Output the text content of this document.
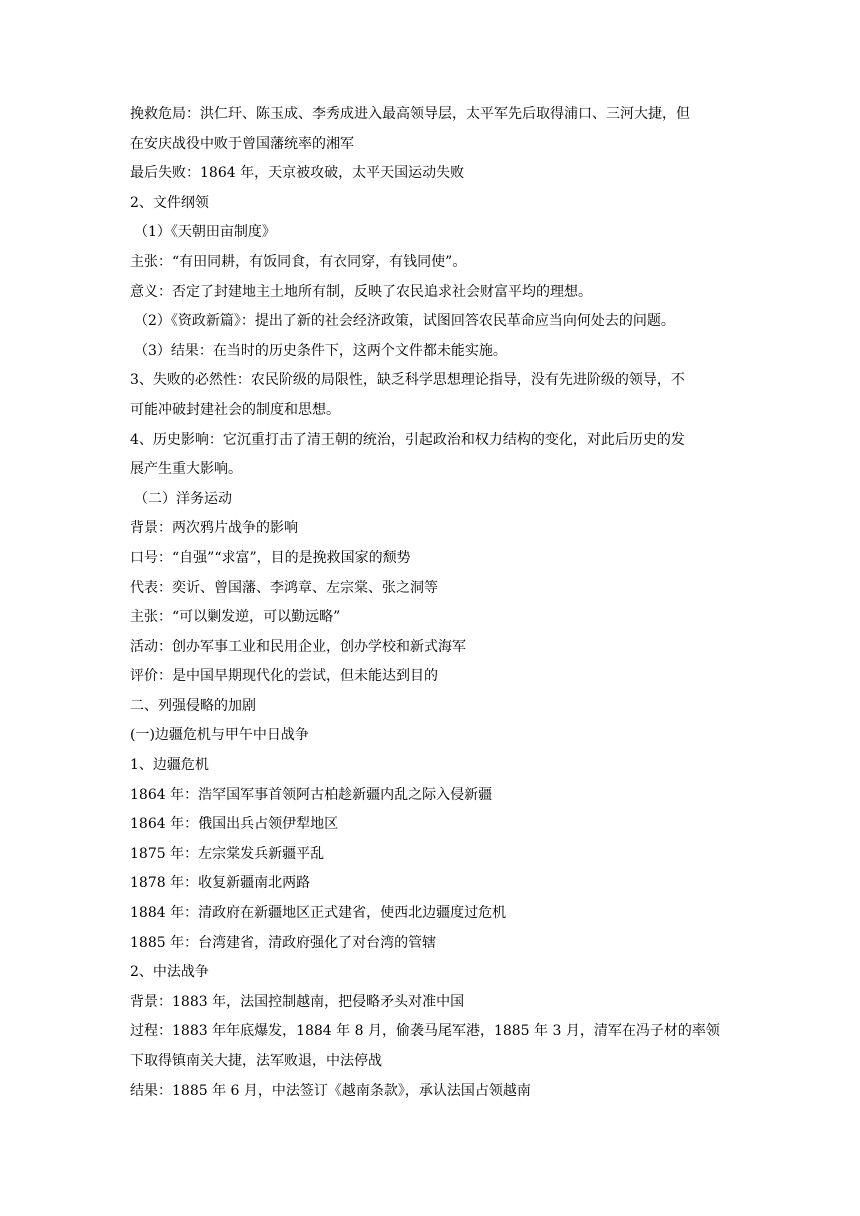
挽救危局：洪仁玕、陈玉成、李秀成进入最高领导层，太平军先后取得浦口、三河大捷，但

在安庆战役中败于曾国藩统率的湘军

最后失败：1864 年，天京被攻破，太平天国运动失败

2、文件纲领

（1）《天朝田亩制度》

主张：“有田同耕，有饭同食，有衣同穿，有钱同使”。

意义：否定了封建地主土地所有制，反映了农民追求社会财富平均的理想。

（2）《资政新篇》：提出了新的社会经济政策，试图回答农民革命应当向何处去的问题。

（3）结果：在当时的历史条件下，这两个文件都未能实施。

3、失败的必然性：农民阶级的局限性，缺乏科学思想理论指导，没有先进阶级的领导，不

可能冲破封建社会的制度和思想。

4、历史影响：它沉重打击了清王朝的统治，引起政治和权力结构的变化，对此后历史的发

展产生重大影响。

（二）洋务运动

背景：两次鸦片战争的影响

口号：“自强”“求富”，目的是挽救国家的颓势

代表：奕䜣、曾国藩、李鸿章、左宗棠、张之洞等

主张：“可以剿发逆，可以勤远略”

活动：创办军事工业和民用企业，创办学校和新式海军

评价：是中国早期现代化的尝试，但未能达到目的

二、列强侵略的加剧

(一)边疆危机与甲午中日战争

1、边疆危机

1864 年：浩罕国军事首领阿古柏趁新疆内乱之际入侵新疆

1864 年：俄国出兵占领伊犁地区

1875 年：左宗棠发兵新疆平乱

1878 年：收复新疆南北两路

1884 年：清政府在新疆地区正式建省，使西北边疆度过危机

1885 年：台湾建省，清政府强化了对台湾的管辖

2、中法战争

背景：1883 年，法国控制越南，把侵略矛头对准中国

过程：1883 年年底爆发，1884 年 8 月，偷袭马尾军港，1885 年 3 月，清军在冯子材的率领

下取得镇南关大捷，法军败退，中法停战

结果：1885 年 6 月，中法签订《越南条款》，承认法国占领越南
